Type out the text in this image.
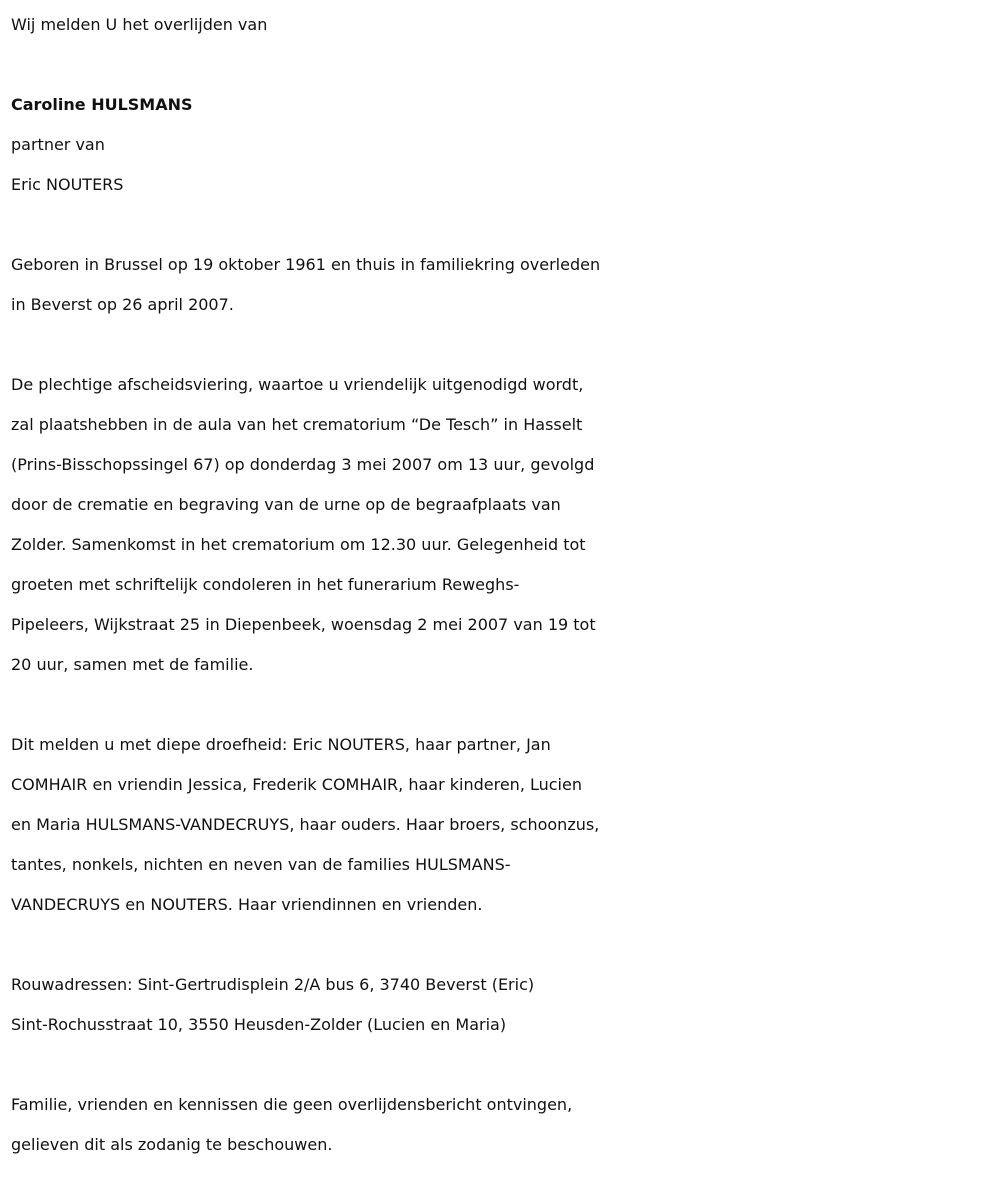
Wij melden U het overlijden van
Caroline HULSMANS
partner van
Eric NOUTERS
Geboren in Brussel op 19 oktober 1961 en thuis in familiekring overleden
in Beverst op 26 april 2007.
De plechtige afscheidsviering, waartoe u vriendelijk uitgenodigd wordt,
zal plaatshebben in de aula van het crematorium “De Tesch” in Hasselt
(Prins-Bisschopssingel 67) op donderdag 3 mei 2007 om 13 uur, gevolgd
door de crematie en begraving van de urne op de begraafplaats van
Zolder. Samenkomst in het crematorium om 12.30 uur. Gelegenheid tot
groeten met schriftelijk condoleren in het funerarium Reweghs-
Pipeleers, Wijkstraat 25 in Diepenbeek, woensdag 2 mei 2007 van 19 tot
20 uur, samen met de familie.
Dit melden u met diepe droefheid: Eric NOUTERS, haar partner, Jan
COMHAIR en vriendin Jessica, Frederik COMHAIR, haar kinderen, Lucien
en Maria HULSMANS-VANDECRUYS, haar ouders. Haar broers, schoonzus,
tantes, nonkels, nichten en neven van de families HULSMANS-
VANDECRUYS en NOUTERS. Haar vriendinnen en vrienden.
Rouwadressen: Sint-Gertrudisplein 2/A bus 6, 3740 Beverst (Eric)
Sint-Rochusstraat 10, 3550 Heusden-Zolder (Lucien en Maria)
Familie, vrienden en kennissen die geen overlijdensbericht ontvingen,
gelieven dit als zodanig te beschouwen.
